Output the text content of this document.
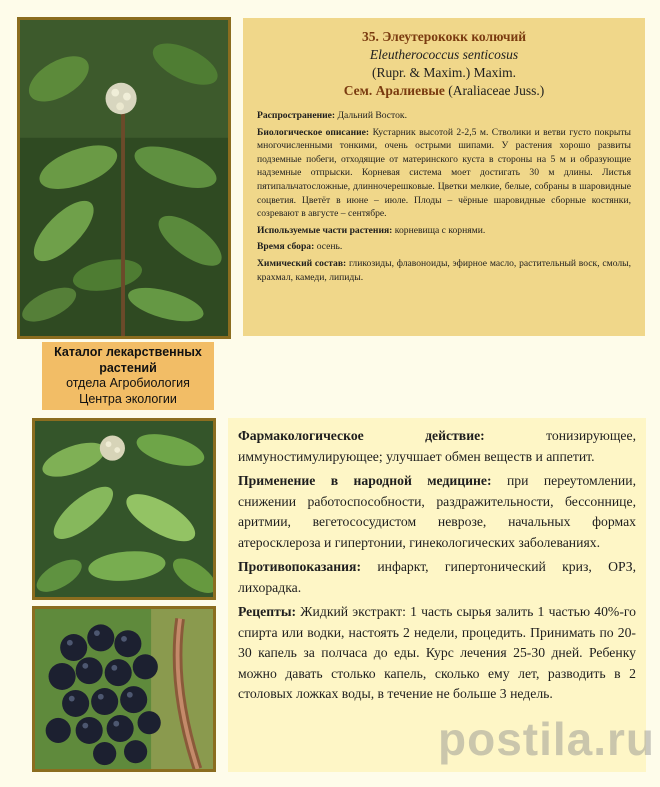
Каталог лекарственных растений
отдела Агробиология
Центра экологии
35. Элеутерококк колючий
Eleutherococcus senticosus
(Rupr. & Maxim.) Maxim.
Сем. Аралиевые (Araliaceae Juss.)

Распространение: Дальний Восток.

Биологическое описание: Кустарник высотой 2-2,5 м. Стволики и ветви густо покрыты многочисленными тонкими, очень острыми шипами. У растения хорошо развиты подземные побеги, отходящие от материнского куста в стороны на 5 м и образующие надземные отпрыски. Корневая система моет достигать 30 м длины. Листья пятипальчатосложные, длинночерешковые. Цветки мелкие, белые, собраны в шаровидные соцветия. Цветёт в июне – июле. Плоды – чёрные шаровидные сборные костянки, созревают в августе – сентябре.

Используемые части растения: корневища с корнями.

Время сбора: осень.

Химический состав: гликозиды, флавоноиды, эфирное масло, растительный воск, смолы, крахмал, камеди, липиды.

Фармакологическое действие:	тонизирующее, иммуностимулирующее; улучшает обмен веществ и аппетит.

Применение в народной медицине: при переутомлении, снижении работоспособности, раздражительности, бессоннице, аритмии, вегетососудистом неврозе, начальных формах атеросклероза и гипертонии, гинекологических заболеваниях.

Противопоказания: инфаркт, гипертонический криз, ОРЗ, лихорадка.

Рецепты: Жидкий экстракт: 1 часть сырья залить 1 частью 40%-го спирта или водки, настоять 2 недели, процедить. Принимать по 20-30 капель за полчаса до еды. Курс лечения 25-30 дней. Ребенку можно давать столько капель, сколько ему лет, разводить в 2 столовых ложках воды, в течение не больше 3 недель.

postila.ru
